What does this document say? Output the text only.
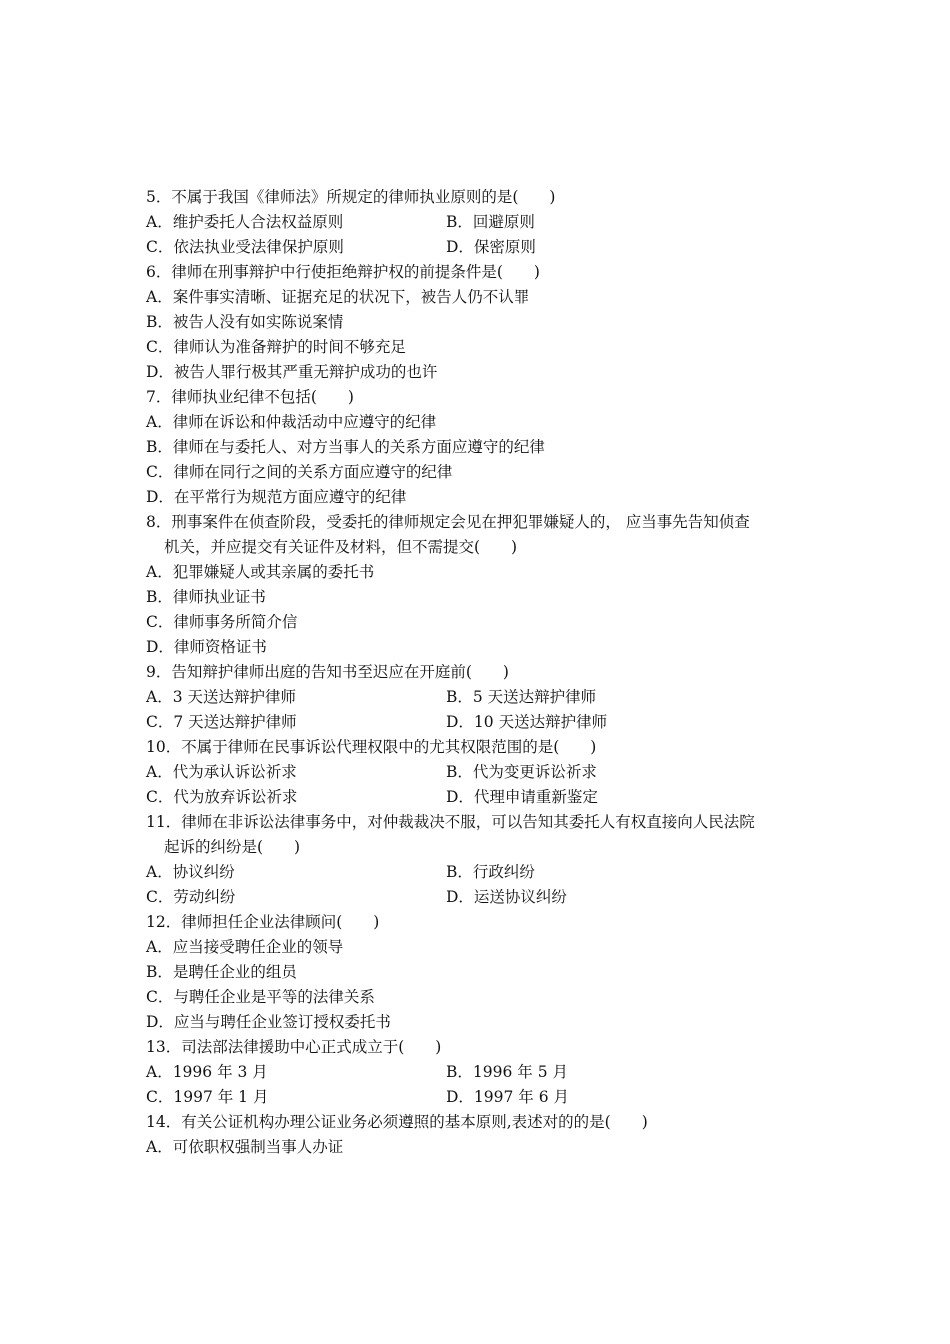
5．不属于我国《律师法》所规定的律师执业原则的是(　　)
A．维护委托人合法权益原则	B．回避原则
C．依法执业受法律保护原则	D．保密原则
6．律师在刑事辩护中行使拒绝辩护权的前提条件是(　　)
A．案件事实清晰、证据充足的状况下，被告人仍不认罪
B．被告人没有如实陈说案情
C．律师认为准备辩护的时间不够充足
D．被告人罪行极其严重无辩护成功的也许
7．律师执业纪律不包括(　　)
A．律师在诉讼和仲裁活动中应遵守的纪律
B．律师在与委托人、对方当事人的关系方面应遵守的纪律
C．律师在同行之间的关系方面应遵守的纪律
D．在平常行为规范方面应遵守的纪律
8．刑事案件在侦查阶段，受委托的律师规定会见在押犯罪嫌疑人的， 应当事先告知侦查
机关，并应提交有关证件及材料，但不需提交(　　)
A．犯罪嫌疑人或其亲属的委托书
B．律师执业证书
C．律师事务所简介信
D．律师资格证书
9．告知辩护律师出庭的告知书至迟应在开庭前(　　)
A．3 天送达辩护律师	B．5 天送达辩护律师
C．7 天送达辩护律师	D．10 天送达辩护律师
10．不属于律师在民事诉讼代理权限中的尤其权限范围的是(　　)
A．代为承认诉讼祈求	B．代为变更诉讼祈求
C．代为放弃诉讼祈求	D．代理申请重新鉴定
11．律师在非诉讼法律事务中，对仲裁裁决不服，可以告知其委托人有权直接向人民法院
起诉的纠纷是(　　)
A．协议纠纷	B．行政纠纷
C．劳动纠纷	D．运送协议纠纷
12．律师担任企业法律顾问(　　)
A．应当接受聘任企业的领导
B．是聘任企业的组员
C．与聘任企业是平等的法律关系
D．应当与聘任企业签订授权委托书
13．司法部法律援助中心正式成立于(　　)
A．1996 年 3 月	B．1996 年 5 月
C．1997 年 1 月	D．1997 年 6 月
14．有关公证机构办理公证业务必须遵照的基本原则,表述对的的是(　　)
A．可依职权强制当事人办证
